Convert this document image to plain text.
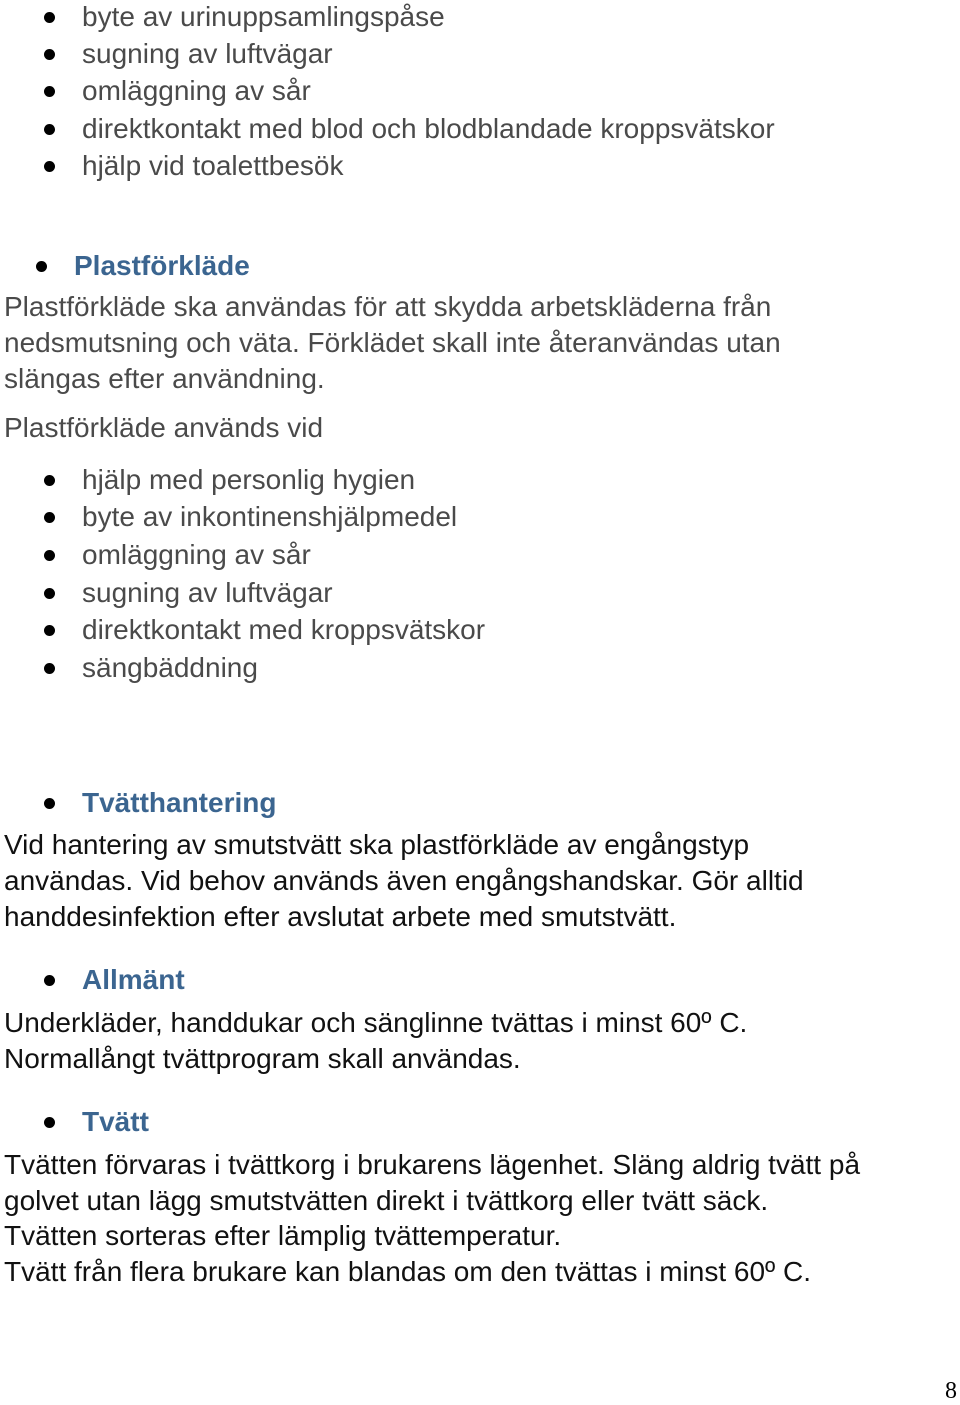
byte av urinuppsamlingspåse
sugning av luftvägar
omläggning av sår
direktkontakt med blod och blodblandade kroppsvätskor
hjälp vid toalettbesök
Plastförkläde
Plastförkläde ska användas för att skydda arbetskläderna från
nedsmutsning och väta. Förklädet skall inte återanvändas utan
slängas efter användning.
Plastförkläde används vid
hjälp med personlig hygien
byte av inkontinenshjälpmedel
omläggning av sår
sugning av luftvägar
direktkontakt med kroppsvätskor
sängbäddning
Tvätthantering
Vid hantering av smutstvätt ska plastförkläde av engångstyp
användas. Vid behov används även engångshandskar. Gör alltid
handdesinfektion efter avslutat arbete med smutstvätt.
Allmänt
Underkläder, handdukar och sänglinne tvättas i minst 60º C.
Normallångt tvättprogram skall användas.
Tvätt
Tvätten förvaras i tvättkorg i brukarens lägenhet. Släng aldrig tvätt på
golvet utan lägg smutstvätten direkt i tvättkorg eller tvätt säck.
Tvätten sorteras efter lämplig tvättemperatur.
Tvätt från flera brukare kan blandas om den tvättas i minst 60º C.
8
